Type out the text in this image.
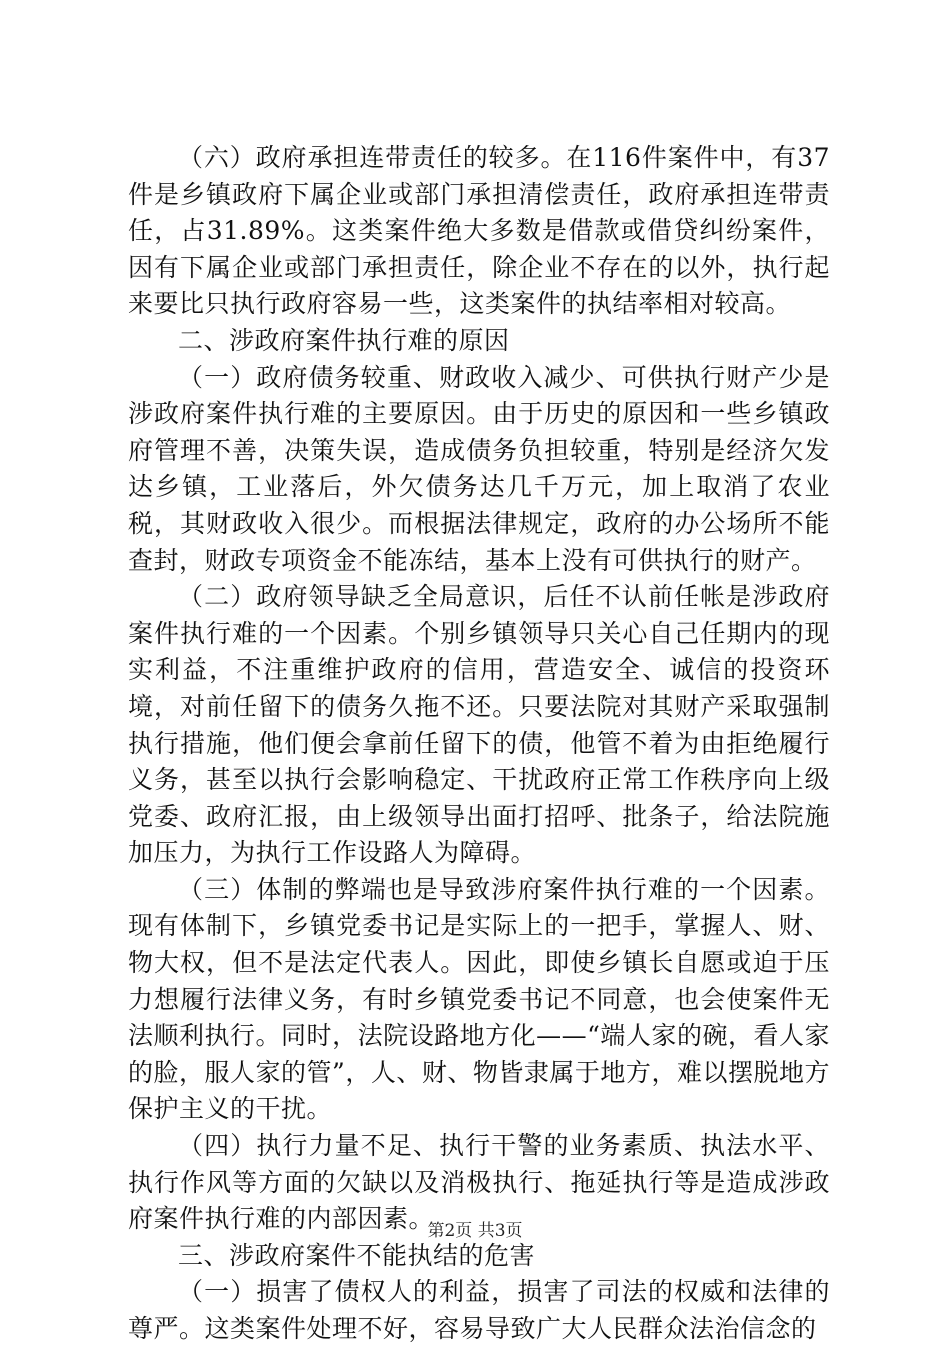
（六）政府承担连带责任的较多。在116件案件中，有37件是乡镇政府下属企业或部门承担清偿责任，政府承担连带责任，占31.89%。这类案件绝大多数是借款或借贷纠纷案件，因有下属企业或部门承担责任，除企业不存在的以外，执行起来要比只执行政府容易一些，这类案件的执结率相对较高。

二、涉政府案件执行难的原因

（一）政府债务较重、财政收入减少、可供执行财产少是涉政府案件执行难的主要原因。由于历史的原因和一些乡镇政府管理不善，决策失误，造成债务负担较重，特别是经济欠发达乡镇，工业落后，外欠债务达几千万元，加上取消了农业税，其财政收入很少。而根据法律规定，政府的办公场所不能查封，财政专项资金不能冻结，基本上没有可供执行的财产。

（二）政府领导缺乏全局意识，后任不认前任帐是涉政府案件执行难的一个因素。个别乡镇领导只关心自己任期内的现实利益，不注重维护政府的信用，营造安全、诚信的投资环境，对前任留下的债务久拖不还。只要法院对其财产采取强制执行措施，他们便会拿前任留下的债，他管不着为由拒绝履行义务，甚至以执行会影响稳定、干扰政府正常工作秩序向上级党委、政府汇报，由上级领导出面打招呼、批条子，给法院施加压力，为执行工作设路人为障碍。

（三）体制的弊端也是导致涉府案件执行难的一个因素。现有体制下，乡镇党委书记是实际上的一把手，掌握人、财、物大权，但不是法定代表人。因此，即使乡镇长自愿或迫于压力想履行法律义务，有时乡镇党委书记不同意，也会使案件无法顺利执行。同时，法院设路地方化——“端人家的碗，看人家的脸，服人家的管”，人、财、物皆隶属于地方，难以摆脱地方保护主义的干扰。

（四）执行力量不足、执行干警的业务素质、执法水平、执行作风等方面的欠缺以及消极执行、拖延执行等是造成涉政府案件执行难的内部因素。

三、涉政府案件不能执结的危害

（一）损害了债权人的利益，损害了司法的权威和法律的尊严。这类案件处理不好，容易导致广大人民群众法治信念的

第2页 共3页
